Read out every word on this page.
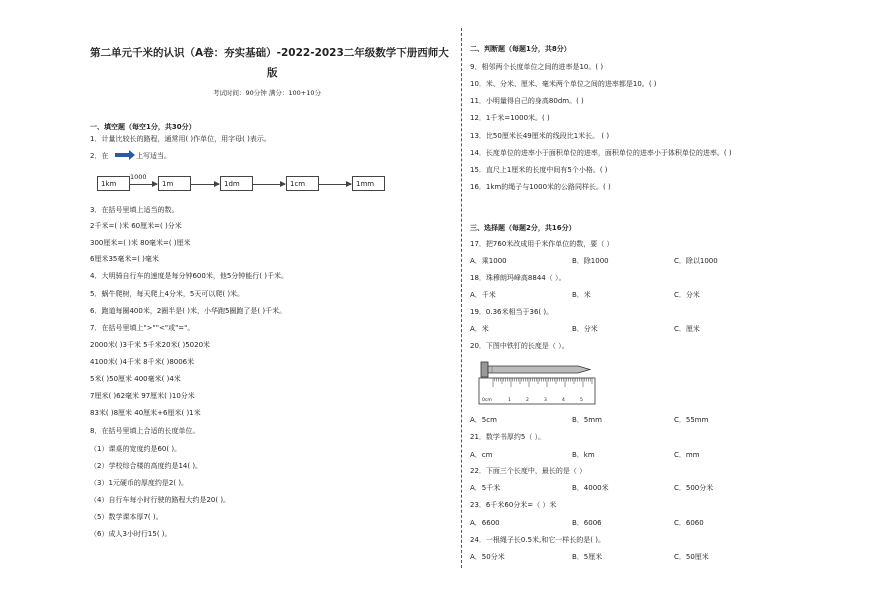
第二单元千米的认识（A卷：夯实基础）-2022-2023二年级数学下册西师大
版
考试时间：90分钟 满分：100+10分
一、填空题（每空1分，共30分）
1．计量比较长的路程，通常用( )作单位，用字母( )表示。
2．在	上写适当。
1000
1km	1m	1dm	1cm	1mm
3．在括号里填上适当的数。
2千米=( )米 60厘米=( )分米
300厘米=( )米 80毫米=( )厘米
6厘米35毫米=( )毫米
4．大明骑自行车的速度是每分钟600米，他5分钟能行( )千米。
5．蜗牛爬树，每天爬上4分米，5天可以爬( )米。
6．跑道每圈400米，2圈半是( )米，小华跑5圈跑了是( )千米。
7．在括号里填上">""<"或"="。
2000米( )3千米 5千米20米( )5020米
4100米( )4千米 8千米( )8006米
5米( )50厘米 400毫米( )4米
7厘米( )62毫米 97厘米( )10分米
83米( )8厘米 40厘米+6厘米( )1米
8．在括号里填上合适的长度单位。
（1）课桌的宽度约是60( )。
（2）学校综合楼的高度约是14( )。
（3）1元硬币的厚度约是2( )。
（4）自行车每小时行驶的路程大约是20( )。
（5）数学课本厚7( )。
（6）成人3小时行15( )。
二、判断题（每题1分，共8分）
9．相邻两个长度单位之间的进率是10。( )
10．米、分米、厘米、毫米两个单位之间的进率都是10。( )
11．小明量得自己的身高80dm。( )
12．1千米=1000米。( )
13．比50厘米长49厘米的线段比1米长。 ( )
14．长度单位的进率小于面积单位的进率，面积单位的进率小于体积单位的进率。( )
15．直尺上1厘米的长度中间有5个小格。( )
16．1km的绳子与1000米的公路同样长。( )
三、选择题（每题2分，共16分）
17．把760米改成用千米作单位的数，要（ ）
A．乘1000	B．除1000	C．除以1000
18．珠穆朗玛峰高8844（ ）。
A．千米	B．米	C．分米
19．0.36米相当于36( )。
A．米	B．分米	C．厘米
20．下图中铁钉的长度是（ ）。
0cm	1	2	3	4	5
A．5cm	B．5mm	C．55mm
21．数学书厚约5（ ）。
A．cm	B．km	C．mm
22．下面三个长度中，最长的是（ ）
A．5千米	B．4000米	C．500分米
23．6千米60分米=（ ）米
A．6600	B．6006	C．6060
24．一根绳子长0.5米,和它一样长的是( )。
A．50分米	B．5厘米	C．50厘米
